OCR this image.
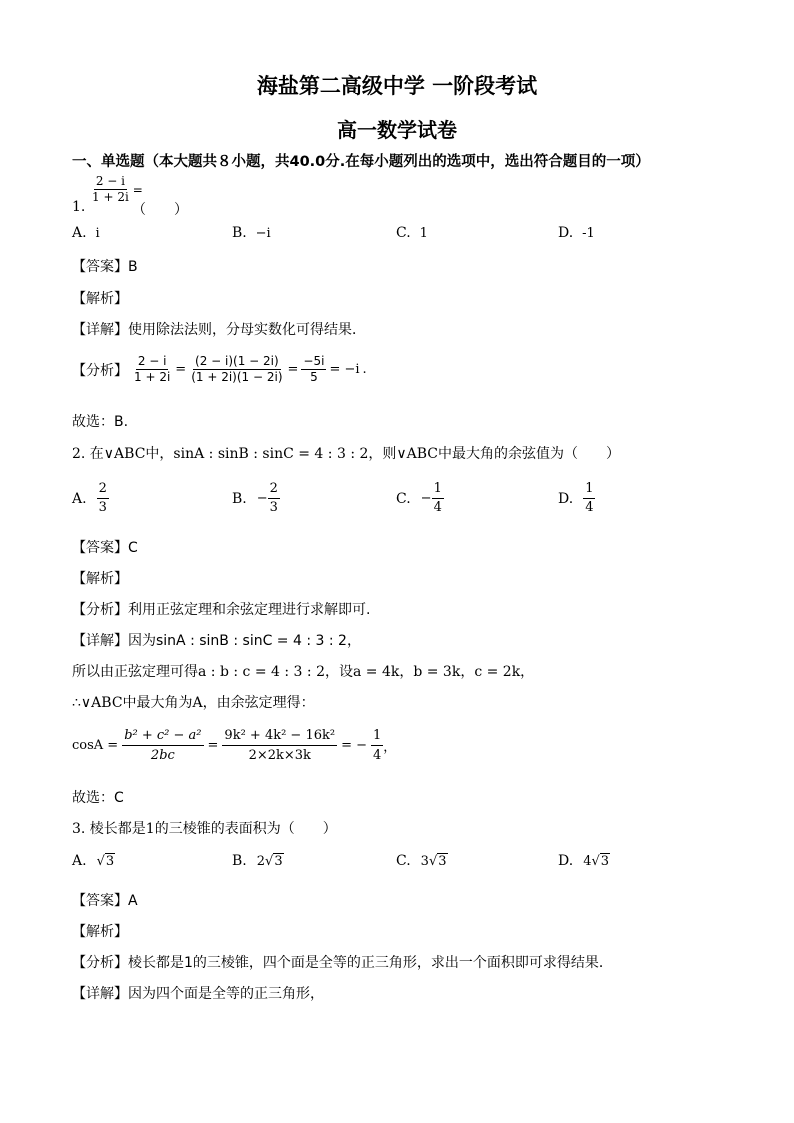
海盐第二高级中学 一阶段考试
高一数学试卷
一、单选题（本大题共８小题，共40.0分.在每小题列出的选项中，选出符合题目的一项）
$\frac{2 - i}{1 + 2i}$ =
1.	（　　）
A. i	B. −i	C. 1	D. -1
【答案】B
【解析】
【详解】使用除法法则，分母实数化可得结果．
【分析】 $\frac{2 - i}{1 + 2i} = \frac{(2 - i)(1 - 2i)}{(1 + 2i)(1 - 2i)} = \frac{-5i}{5} = -i$ .
故选：B.
2. 在∨ABC中，sinA : sinB : sinC = 4 : 3 : 2，则∨ABC中最大角的余弦值为（　　）
A. $\frac{2}{3}$	B. − $\frac{2}{3}$	C. − $\frac{1}{4}$	D. $\frac{1}{4}$
【答案】C
【解析】
【分析】利用正弦定理和余弦定理进行求解即可.
【详解】因为sinA : sinB : sinC = 4 : 3 : 2，
所以由正弦定理可得a : b : c = 4 : 3 : 2，设a = 4k，b = 3k，c = 2k，
∴∨ABC中最大角为A，由余弦定理得：
$\cos A = \frac{\text{b² + c² − a²}}{2bc} = \frac{\text{9k² + 4k² − 16k²}}{2\times 2k\times 3k}$ = − $\frac{1}{4}$ ，
故选：C
3. 棱长都是1的三棱锥的表面积为（　　）
A. √ 3	B. 2 √ 3	C. 3 √ 3	D. 4 √ 3
【答案】A
【解析】
【分析】棱长都是1的三棱锥，四个面是全等的正三角形，求出一个面积即可求得结果．
【详解】因为四个面是全等的正三角形，
